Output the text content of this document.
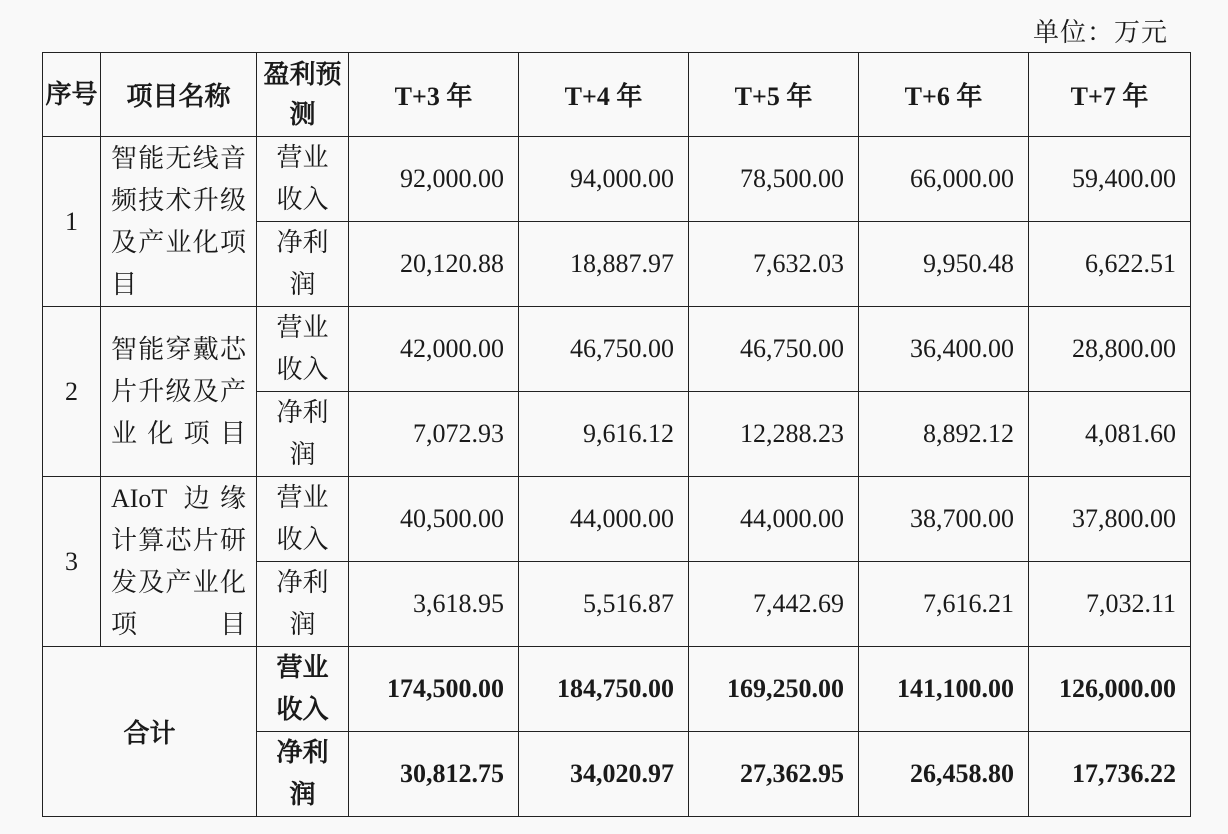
单位：万元
序号	项目名称	盈利预测	T+3 年	T+4 年	T+5 年	T+6 年	T+7 年
1	智能无线音频技术升级及产业化项目	营业收入	92,000.00	94,000.00	78,500.00	66,000.00	59,400.00
		净利润	20,120.88	18,887.97	7,632.03	9,950.48	6,622.51
2	智能穿戴芯片升级及产业化项目	营业收入	42,000.00	46,750.00	46,750.00	36,400.00	28,800.00
		净利润	7,072.93	9,616.12	12,288.23	8,892.12	4,081.60
3	AIoT 边缘计算芯片研发及产业化项目	营业收入	40,500.00	44,000.00	44,000.00	38,700.00	37,800.00
		净利润	3,618.95	5,516.87	7,442.69	7,616.21	7,032.11
合计		营业收入	174,500.00	184,750.00	169,250.00	141,100.00	126,000.00
		净利润	30,812.75	34,020.97	27,362.95	26,458.80	17,736.22
